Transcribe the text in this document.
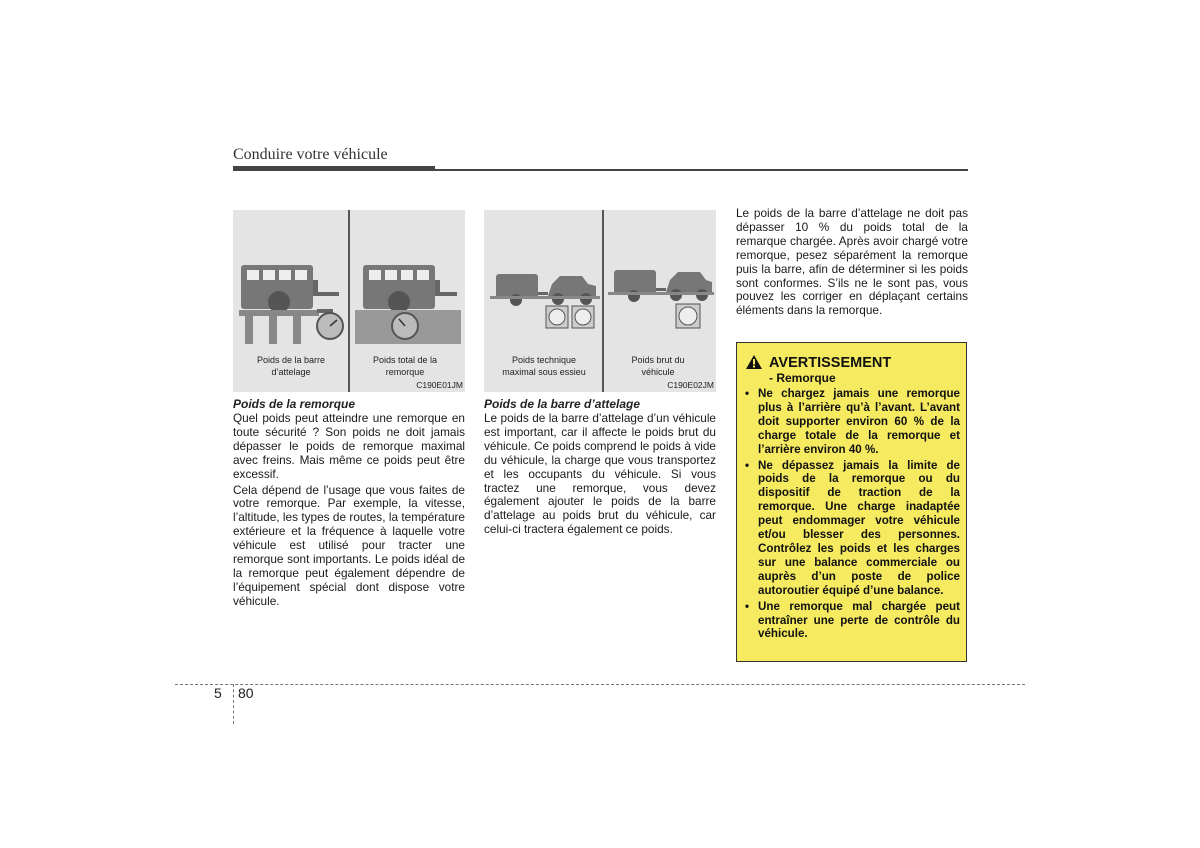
Conduire votre véhicule
Poids de la barre
d’attelage
Poids total de la
remorque
C190E01JM
Poids technique
maximal sous essieu
Poids brut du
véhicule
C190E02JM
Poids de la remorque

Quel poids peut atteindre une remorque en toute sécurité ? Son poids ne doit jamais dépasser le poids de remorque maximal avec freins. Mais même ce poids peut être excessif.

Cela dépend de l’usage que vous faites de votre remorque. Par exemple, la vitesse, l’altitude, les types de routes, la température extérieure et la fréquence à laquelle votre véhicule est utilisé pour tracter une remorque sont importants. Le poids idéal de la remorque peut également dépendre de l’équipement spécial dont dispose votre véhicule.

Poids de la barre d’attelage

Le poids de la barre d’attelage d’un véhicule est important, car il affecte le poids brut du véhicule. Ce poids comprend le poids à vide du véhicule, la charge que vous transportez et les occupants du véhicule. Si vous tractez une remorque, vous devez également ajouter le poids de la barre d’attelage au poids brut du véhicule, car celui-ci tractera également ce poids.

Le poids de la barre d’attelage ne doit pas dépasser 10 % du poids total de la remarque chargée. Après avoir chargé votre remorque, pesez séparément la remorque puis la barre, afin de déterminer si les poids sont conformes. S’ils ne le sont pas, vous pouvez les corriger en déplaçant certains éléments dans la remorque.

AVERTISSEMENT
- Remorque
• Ne chargez jamais une remorque plus à l’arrière qu’à l’avant. L’avant doit supporter environ 60 % de la charge totale de la remorque et l’arrière environ 40 %.
• Ne dépassez jamais la limite de poids de la remorque ou du dispositif de traction de la remorque. Une charge inadaptée peut endommager votre véhicule et/ou blesser des personnes. Contrôlez les poids et les charges sur une balance commerciale ou auprès d’un poste de police autoroutier équipé d’une balance.
• Une remorque mal chargée peut entraîner une perte de contrôle du véhicule.
5 80
